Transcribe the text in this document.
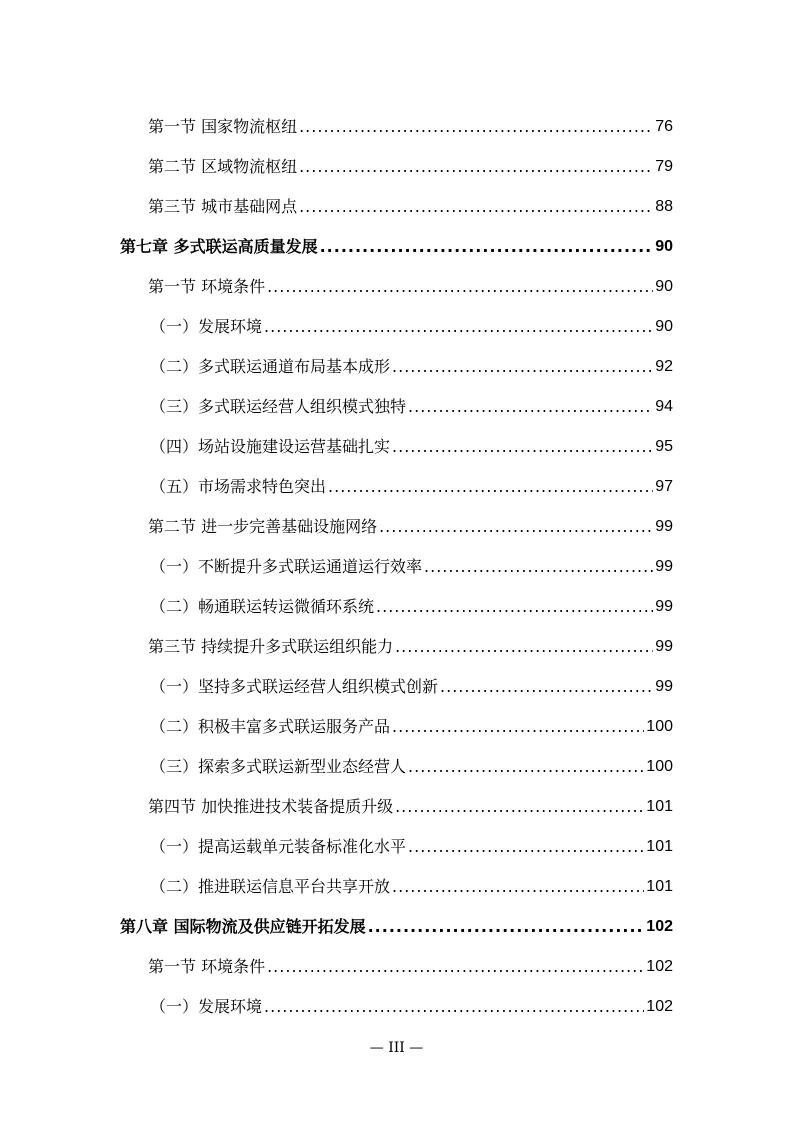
第一节 国家物流枢纽 .....	76
第二节 区域物流枢纽 .....	79
第三节 城市基础网点 .....	88
第七章 多式联运高质量发展 .....	90
第一节 环境条件 .....	90
（一）发展环境 .....	90
（二）多式联运通道布局基本成形 .....	92
（三）多式联运经营人组织模式独特 .....	94
（四）场站设施建设运营基础扎实 .....	95
（五）市场需求特色突出 .....	97
第二节 进一步完善基础设施网络 .....	99
（一）不断提升多式联运通道运行效率 .....	99
（二）畅通联运转运微循环系统 .....	99
第三节 持续提升多式联运组织能力 .....	99
（一）坚持多式联运经营人组织模式创新 .....	99
（二）积极丰富多式联运服务产品 .....	100
（三）探索多式联运新型业态经营人 .....	100
第四节 加快推进技术装备提质升级 .....	101
（一）提高运载单元装备标准化水平 .....	101
（二）推进联运信息平台共享开放 .....	101
第八章 国际物流及供应链开拓发展 .....	102
第一节 环境条件 .....	102
（一）发展环境 .....	102
— III —
